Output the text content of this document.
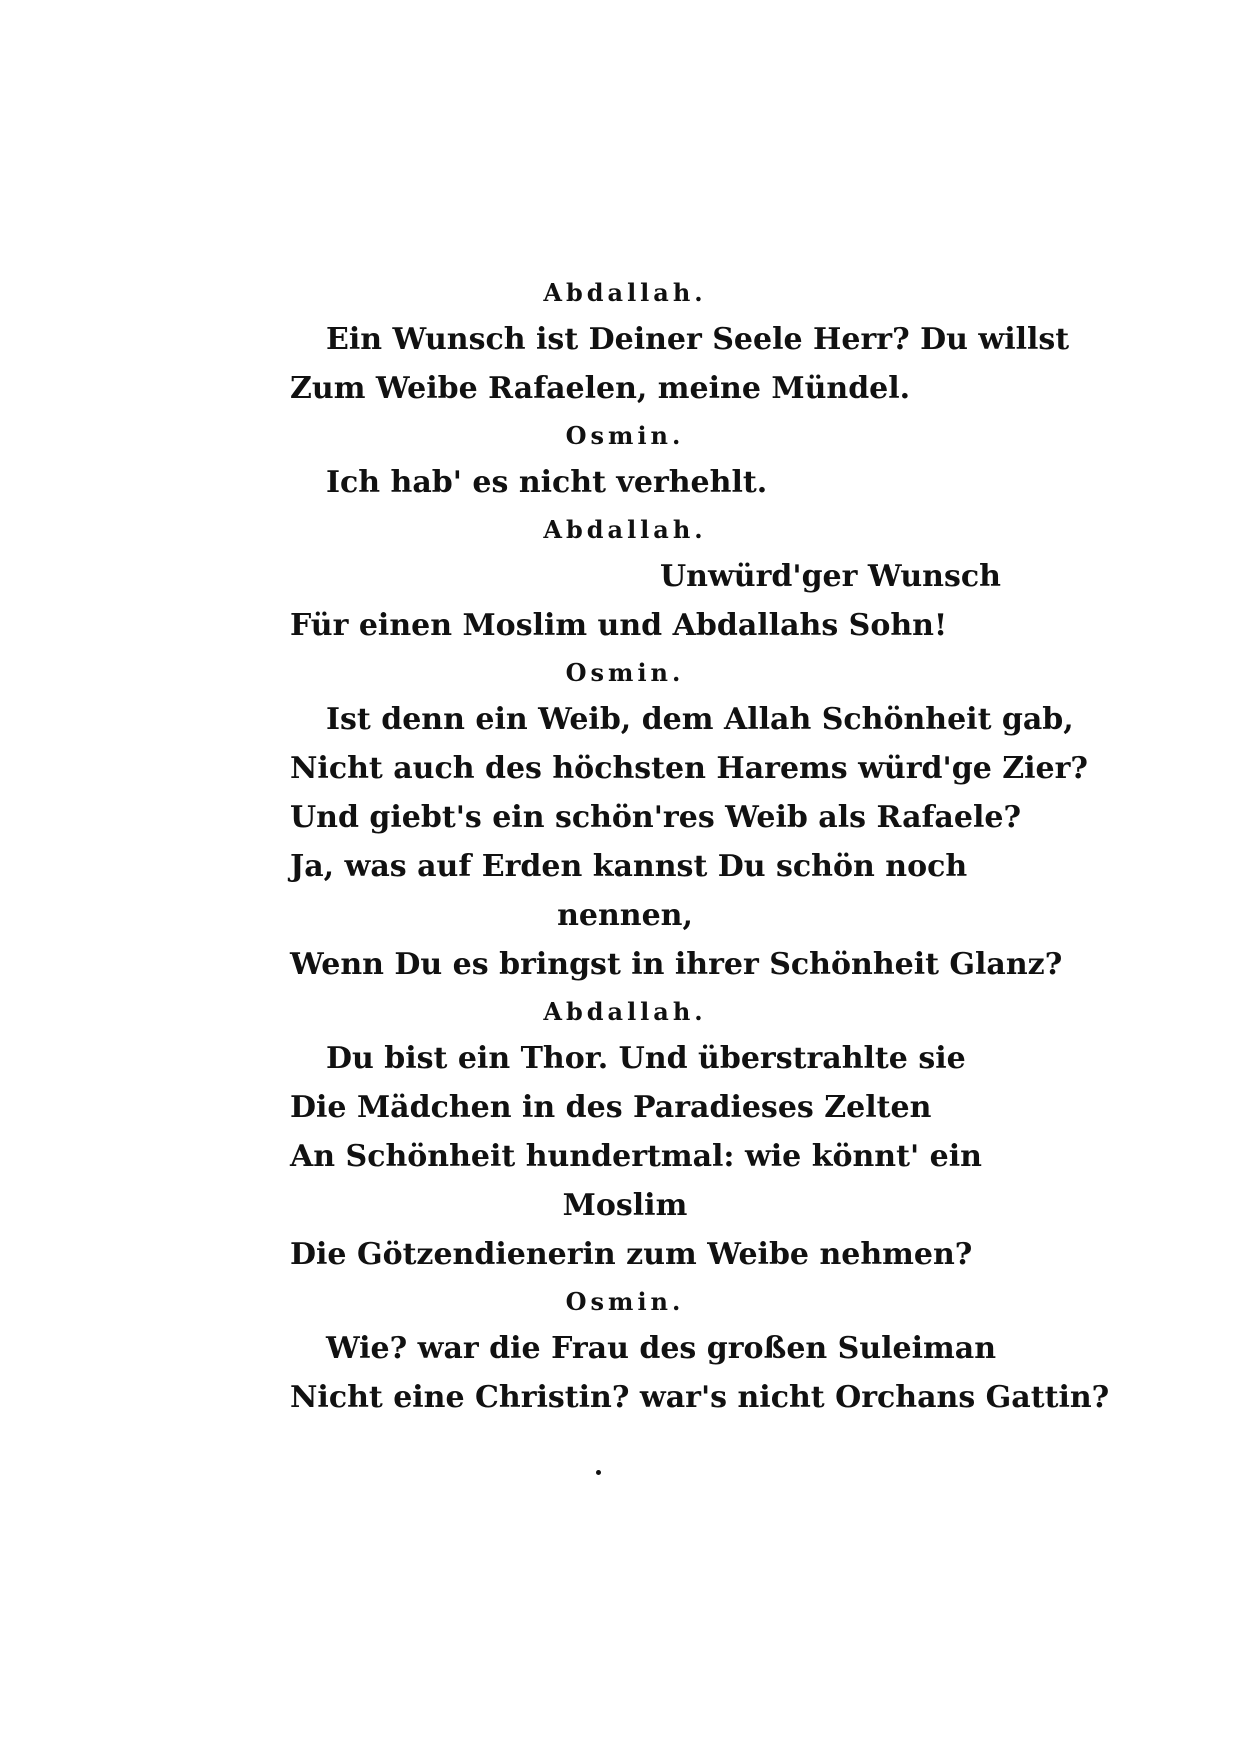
Abdallah.
Ein Wunsch ist Deiner Seele Herr? Du willst
Zum Weibe Rafaelen, meine Mündel.
Osmin.
Ich hab' es nicht verhehlt.
Abdallah.
Unwürd'ger Wunsch
Für einen Moslim und Abdallahs Sohn!
Osmin.
Ist denn ein Weib, dem Allah Schönheit gab,
Nicht auch des höchsten Harems würd'ge Zier?
Und giebt's ein schön'res Weib als Rafaele?
Ja, was auf Erden kannst Du schön noch
nennen,
Wenn Du es bringst in ihrer Schönheit Glanz?
Abdallah.
Du bist ein Thor. Und überstrahlte sie
Die Mädchen in des Paradieses Zelten
An Schönheit hundertmal: wie könnt' ein
Moslim
Die Götzendienerin zum Weibe nehmen?
Osmin.
Wie? war die Frau des großen Suleiman
Nicht eine Christin? war's nicht Orchans Gattin?
